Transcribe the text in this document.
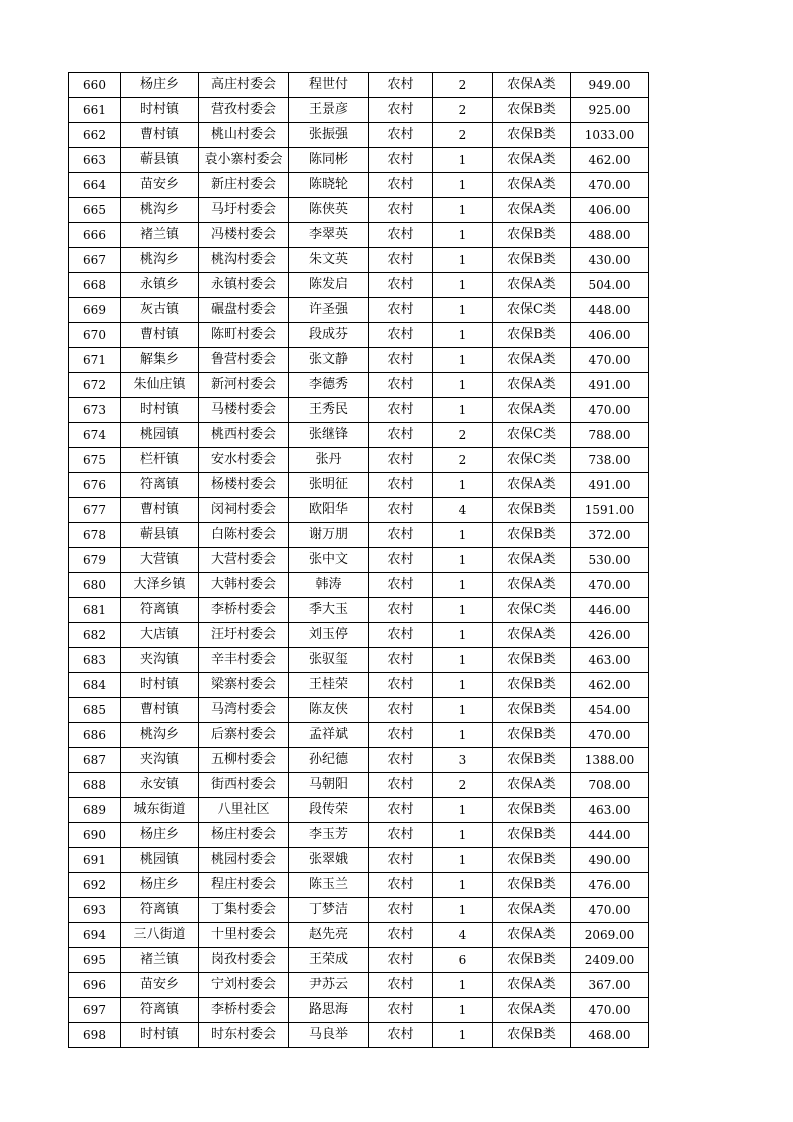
660	杨庄乡	高庄村委会	程世付	农村	2	农保A类	949.00
661	时村镇	营孜村委会	王景彦	农村	2	农保B类	925.00
662	曹村镇	桃山村委会	张振强	农村	2	农保B类	1033.00
663	蕲县镇	袁小寨村委会	陈同彬	农村	1	农保A类	462.00
664	苗安乡	新庄村委会	陈晓轮	农村	1	农保A类	470.00
665	桃沟乡	马圩村委会	陈侠英	农村	1	农保A类	406.00
666	褚兰镇	冯楼村委会	李翠英	农村	1	农保B类	488.00
667	桃沟乡	桃沟村委会	朱文英	农村	1	农保B类	430.00
668	永镇乡	永镇村委会	陈发启	农村	1	农保A类	504.00
669	灰古镇	碾盘村委会	许圣强	农村	1	农保C类	448.00
670	曹村镇	陈町村委会	段成芬	农村	1	农保B类	406.00
671	解集乡	鲁营村委会	张文静	农村	1	农保A类	470.00
672	朱仙庄镇	新河村委会	李德秀	农村	1	农保A类	491.00
673	时村镇	马楼村委会	王秀民	农村	1	农保A类	470.00
674	桃园镇	桃西村委会	张继锋	农村	2	农保C类	788.00
675	栏杆镇	安水村委会	张丹	农村	2	农保C类	738.00
676	符离镇	杨楼村委会	张明征	农村	1	农保A类	491.00
677	曹村镇	闵祠村委会	欧阳华	农村	4	农保B类	1591.00
678	蕲县镇	白陈村委会	谢万朋	农村	1	农保B类	372.00
679	大营镇	大营村委会	张中文	农村	1	农保A类	530.00
680	大泽乡镇	大韩村委会	韩涛	农村	1	农保A类	470.00
681	符离镇	李桥村委会	季大玉	农村	1	农保C类	446.00
682	大店镇	汪圩村委会	刘玉停	农村	1	农保A类	426.00
683	夹沟镇	辛丰村委会	张驭玺	农村	1	农保B类	463.00
684	时村镇	梁寨村委会	王桂荣	农村	1	农保B类	462.00
685	曹村镇	马湾村委会	陈友侠	农村	1	农保B类	454.00
686	桃沟乡	后寨村委会	孟祥斌	农村	1	农保B类	470.00
687	夹沟镇	五柳村委会	孙纪德	农村	3	农保B类	1388.00
688	永安镇	街西村委会	马朝阳	农村	2	农保A类	708.00
689	城东街道	八里社区	段传荣	农村	1	农保B类	463.00
690	杨庄乡	杨庄村委会	李玉芳	农村	1	农保B类	444.00
691	桃园镇	桃园村委会	张翠娥	农村	1	农保B类	490.00
692	杨庄乡	程庄村委会	陈玉兰	农村	1	农保B类	476.00
693	符离镇	丁集村委会	丁梦洁	农村	1	农保A类	470.00
694	三八街道	十里村委会	赵先亮	农村	4	农保A类	2069.00
695	褚兰镇	岗孜村委会	王荣成	农村	6	农保B类	2409.00
696	苗安乡	宁刘村委会	尹苏云	农村	1	农保A类	367.00
697	符离镇	李桥村委会	路思海	农村	1	农保A类	470.00
698	时村镇	时东村委会	马良举	农村	1	农保B类	468.00
